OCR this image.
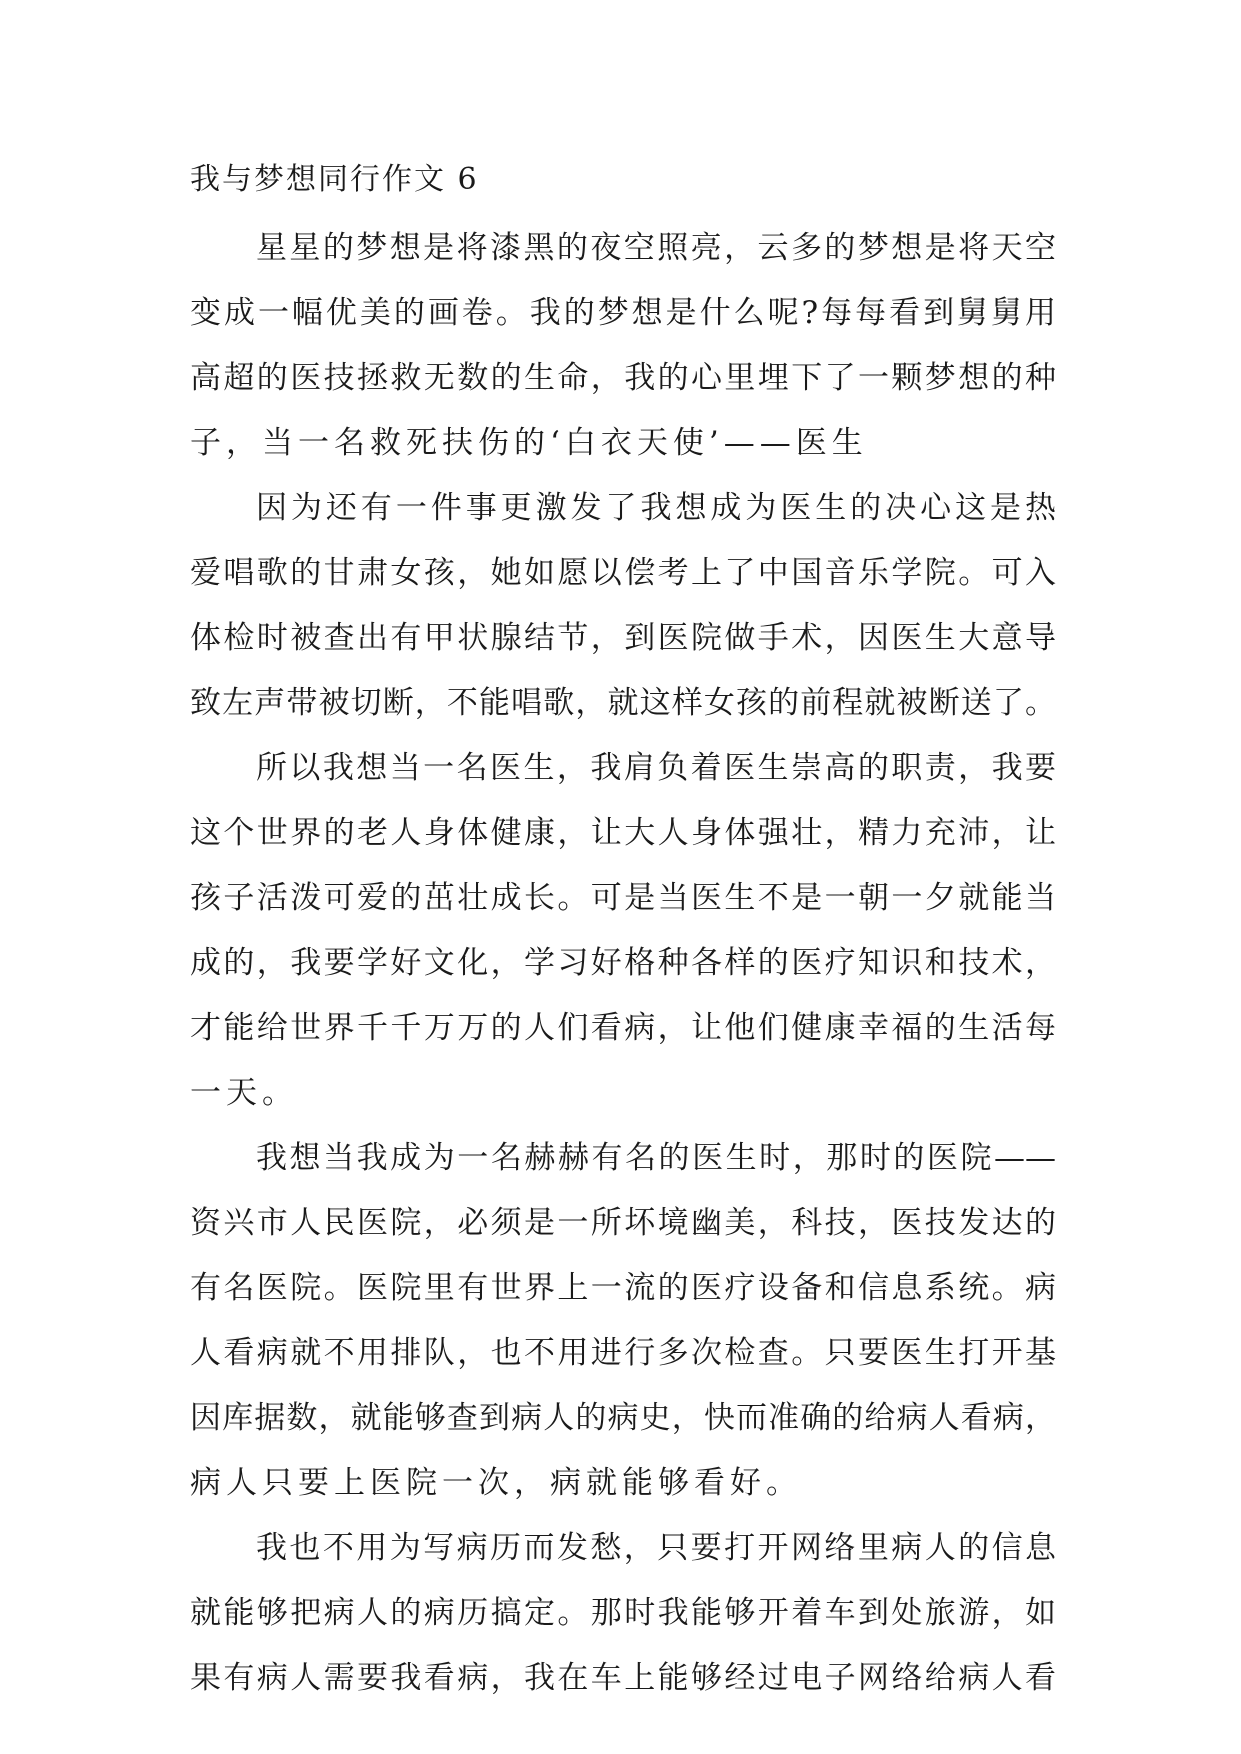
我与梦想同行作文 6
星星的梦想是将漆黑的夜空照亮，云多的梦想是将天空
变成一幅优美的画卷。我的梦想是什么呢?每每看到舅舅用
高超的医技拯救无数的生命，我的心里埋下了一颗梦想的种
子，当一名救死扶伤的‘白衣天使’——医生
因为还有一件事更激发了我想成为医生的决心这是热
爱唱歌的甘肃女孩，她如愿以偿考上了中国音乐学院。可入
体检时被查出有甲状腺结节，到医院做手术，因医生大意导
致左声带被切断，不能唱歌，就这样女孩的前程就被断送了。
所以我想当一名医生，我肩负着医生崇高的职责，我要
这个世界的老人身体健康，让大人身体强壮，精力充沛，让
孩子活泼可爱的茁壮成长。可是当医生不是一朝一夕就能当
成的，我要学好文化，学习好格种各样的医疗知识和技术，
才能给世界千千万万的人们看病，让他们健康幸福的生活每
一天。
我想当我成为一名赫赫有名的医生时，那时的医院——
资兴市人民医院，必须是一所坏境幽美，科技，医技发达的
有名医院。医院里有世界上一流的医疗设备和信息系统。病
人看病就不用排队，也不用进行多次检查。只要医生打开基
因库据数，就能够查到病人的病史，快而准确的给病人看病，
病人只要上医院一次，病就能够看好。
我也不用为写病历而发愁，只要打开网络里病人的信息
就能够把病人的病历搞定。那时我能够开着车到处旅游，如
果有病人需要我看病，我在车上能够经过电子网络给病人看
